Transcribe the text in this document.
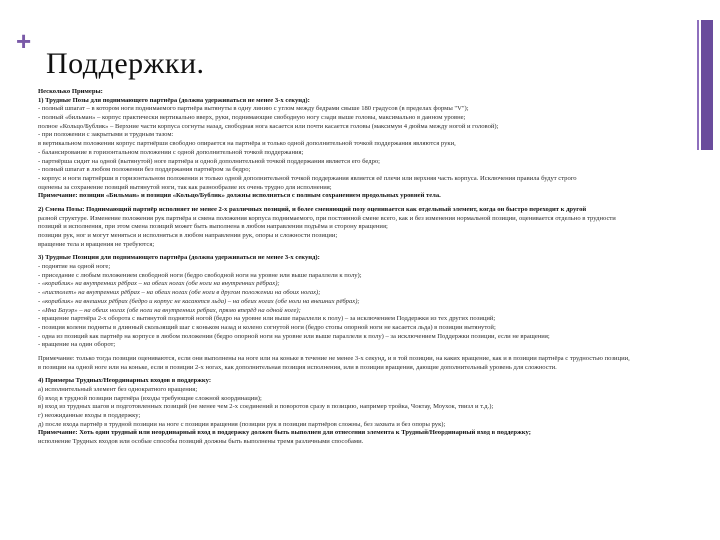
+
Поддержки.
Несколько Примеры:
1) Трудные Позы для поднимающего партнёра (должна удерживаться не менее 3-х секунд):
- полный шпагат – в котором ноги поднимаемого партнёра вытянуты в одну линию с углом между бедрами свыше 180 градусов (в пределах формы "V");
- полный «бильман» – корпус практически вертикально вверх, руки, поднимающие свободную ногу сзади выше головы, максимально в данном уровне;
полное «Кольцо/Бублик» – Верхние части корпуса согнуты назад, свободная нога касается или почти касается головы (максимум 4 дюйма между ногой и головой);
- при положении с закрытыми и трудным тазом:
в вертикальном положении корпус партнёрши свободно опирается на партнёра и только одной дополнительной точкой поддержания являются руки,
- балансирование в горизонтальном положении с одной дополнительной точкой поддержания;
- партнёрша сидит на одной (вытянутой) ноге партнёра и одной дополнительной точкой поддержания является его бедро;
- полный шпагат в любом положении без поддержания партнёром за бедро;
- корпус и ноги партнёрши в горизонтальном положении и только одной дополнительной точкой поддержания является её плечи или верхняя часть корпуса. Исключения правила будут строго
оценены за сохранение позиций вытянутой ноги, так как разнообразие их очень трудно для исполнения;
Примечание: позиции «Бильман» и позиция «Кольцо/Бублик» должны исполняться с полным сохранением продольных уровней тела.
2) Смена Позы: Поднимающий партнёр исполняет не менее 2-х различных позиций, и более сменяющий позу оценивается как отдельный элемент, когда он быстро переходит к другой
разной структуре. Изменение положения рук партнёра и смена положения корпуса поднимаемого, при постоянной смене всего, как и без изменения нормальной позиции, оценивается отдельно в трудности
позиций и исполнения, при этом смена позиций может быть выполнена в любом направлении подъёма и сторону вращения;
позиции рук, ног и могут меняться и исполняться в любом направлении рук, опоры и сложности позиции;
вращение тела и вращения не требуются;
3) Трудные Позиции для поднимающего партнёра (должна удерживаться не менее 3-х секунд):
- поднятие на одной ноге;
- приседание с любым положением свободной ноги (бедро свободной ноги на уровне или выше параллели к полу);
- «кораблик» на внутренних рёбрах – на обеих ногах (обе ноги на внутренних рёбрах);
- «пистолет» на внутренних рёбрах – на обеих ногах (обе ноги в другом положении на обоих ногах);
- «кораблик» на внешних рёбрах (бедро и корпус не касаются льда) – на обеих ногах (обе ноги на внешних рёбрах);
- «Ина Бауэр» – на обеих ногах (обе ноги на внутренних ребрах, прямо вперёд на одной ноге);
- вращение партнёра 2-х оборота с вытянутой поднятой ногой (бедро на уровне или выше параллели к полу) – за исключением Поддержки из тех других позиций;
- позиция колени подняты в длинный скользящий шаг с коньком назад и колено согнутой ноги (бедро стопы опорной ноги не касается льда) в позиции вытянутой;
- одна из позиций как партнёр на корпусе в любом положении (бедро опорной ноги на уровне или выше параллели к полу) – за исключением Поддержки позиции, если не вращения;
- вращение на один оборот;
Примечание: только тогда позиции оцениваются, если они выполнены на ноге или на коньке в течение не менее 3-х секунд, и в той позиции, на каких вращение, как и в позиции партнёра с трудностью позиции,
в позиции на одной ноге или на коньке, если в позиции 2-х ногах, как дополнительная позиция исполнения, или в позиции вращения, дающие дополнительный уровень для сложности.
4) Примеры Трудных/Неординарных входов в поддержку:
а) исполнительный элемент без однократного вращения;
б) вход в трудной позиции партнёра (входы требующие сложной координации);
в) вход из трудных шагов и подготовленных позиций (не менее чем 2-х соединений и поворотов сразу в позицию, например тройка, Чоктау, Моухок, твизл и т.д.);
г) неожиданные входы в поддержку;
д) после входа партнёр в трудной позиции на ноге с позиции вращения (позиции рук в позиции партнёров сложны, без захвата и без опоры рук);
Примечание: Хоть один трудный или неординарный вход в поддержку должен быть выполнен для отнесения элемента к Трудный/Неординарный вход в поддержку;
исполнение Трудных входов или особые способы позиций должны быть выполнены тремя различными способами.
